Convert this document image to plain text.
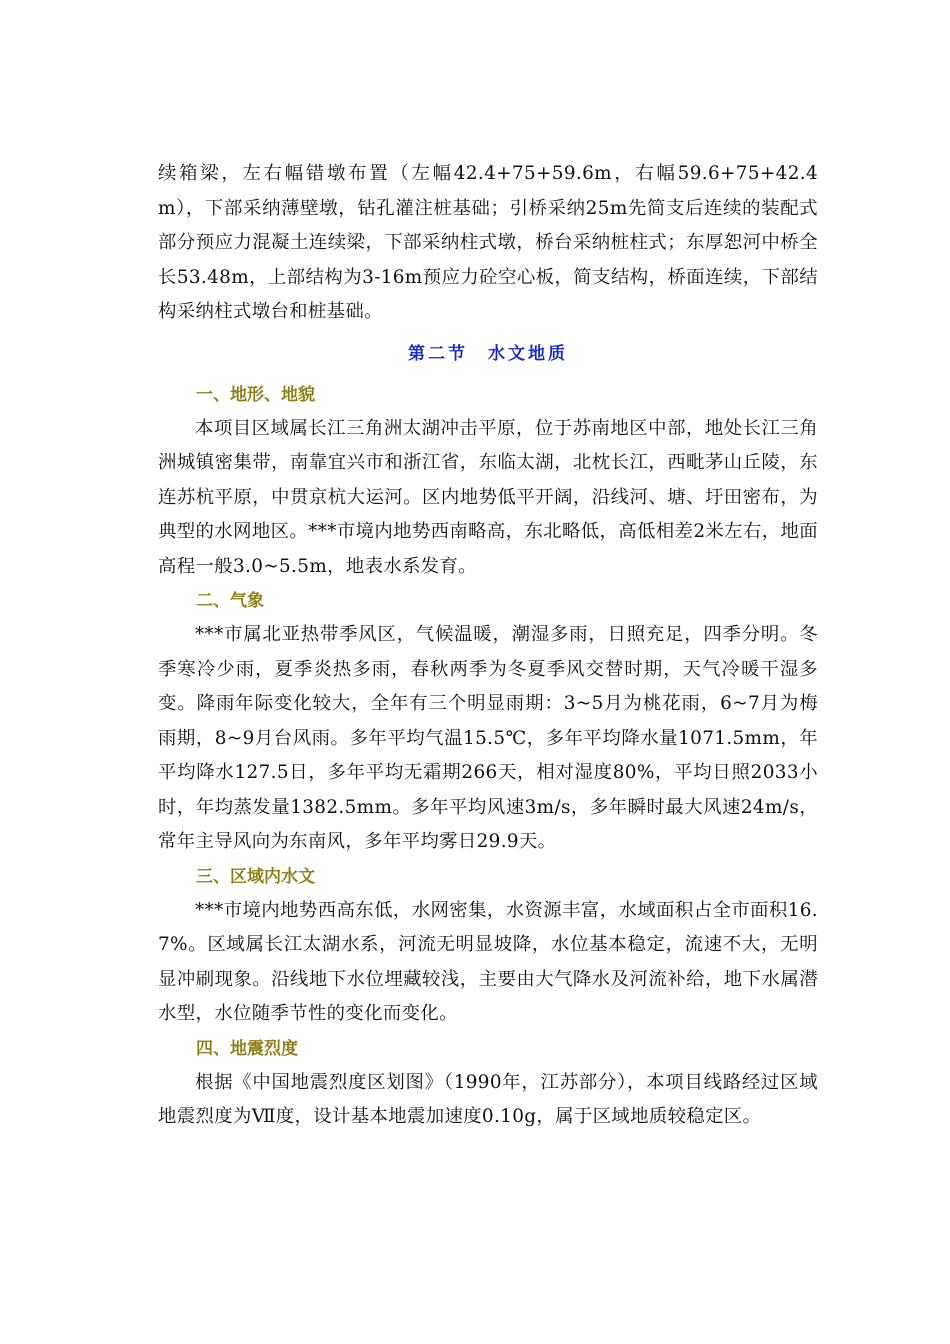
续箱梁，左右幅错墩布置（左幅42.4+75+59.6m，右幅59.6+75+42.4m），下部采纳薄壁墩，钻孔灌注桩基础；引桥采纳25m先简支后连续的装配式部分预应力混凝土连续梁，下部采纳柱式墩，桥台采纳桩柱式；东厚恕河中桥全长53.48m，上部结构为3-16m预应力砼空心板，简支结构，桥面连续，下部结构采纳柱式墩台和桩基础。

第二节　水文地质
一、地形、地貌

本项目区域属长江三角洲太湖冲击平原，位于苏南地区中部，地处长江三角洲城镇密集带，南靠宜兴市和浙江省，东临太湖，北枕长江，西毗茅山丘陵，东连苏杭平原，中贯京杭大运河。区内地势低平开阔，沿线河、塘、圩田密布，为典型的水网地区。***市境内地势西南略高，东北略低，高低相差2米左右，地面高程一般3.0~5.5m，地表水系发育。

二、气象

***市属北亚热带季风区，气候温暖，潮湿多雨，日照充足，四季分明。冬季寒冷少雨，夏季炎热多雨，春秋两季为冬夏季风交替时期，天气冷暖干湿多变。降雨年际变化较大，全年有三个明显雨期：3~5月为桃花雨，6~7月为梅雨期，8~9月台风雨。多年平均气温15.5℃，多年平均降水量1071.5mm，年平均降水127.5日，多年平均无霜期266天，相对湿度80%，平均日照2033小时，年均蒸发量1382.5mm。多年平均风速3m/s，多年瞬时最大风速24m/s，常年主导风向为东南风，多年平均雾日29.9天。

三、区域内水文

***市境内地势西高东低，水网密集，水资源丰富，水域面积占全市面积16.7%。区域属长江太湖水系，河流无明显坡降，水位基本稳定，流速不大，无明显冲刷现象。沿线地下水位埋藏较浅，主要由大气降水及河流补给，地下水属潜水型，水位随季节性的变化而变化。

四、地震烈度

根据《中国地震烈度区划图》（1990年，江苏部分），本项目线路经过区域地震烈度为Ⅶ度，设计基本地震加速度0.10g，属于区域地质较稳定区。
